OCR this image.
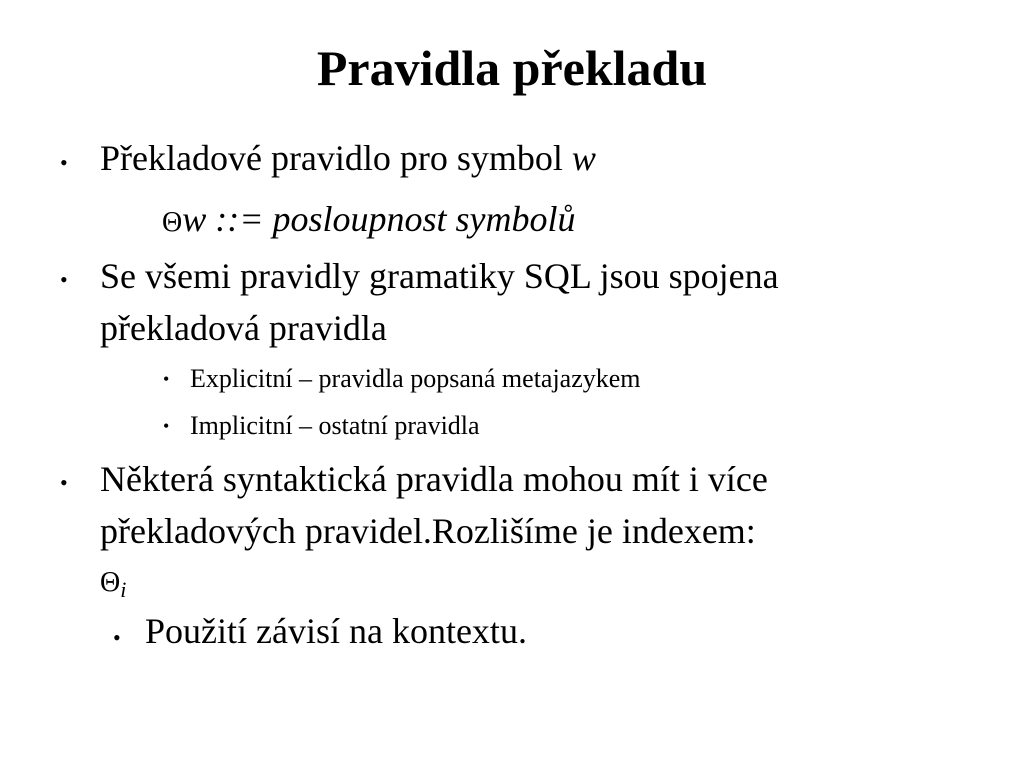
Pravidla překladu
• Překladové pravidlo pro symbol w
Θw ::= posloupnost symbolů
• Se všemi pravidly gramatiky SQL jsou spojena
překladová pravidla
• Explicitní – pravidla popsaná metajazykem
• Implicitní – ostatní pravidla
• Některá syntaktická pravidla mohou mít i více
překladových pravidel.Rozlišíme je indexem:
$\Theta_i$
• Použití závisí na kontextu.
